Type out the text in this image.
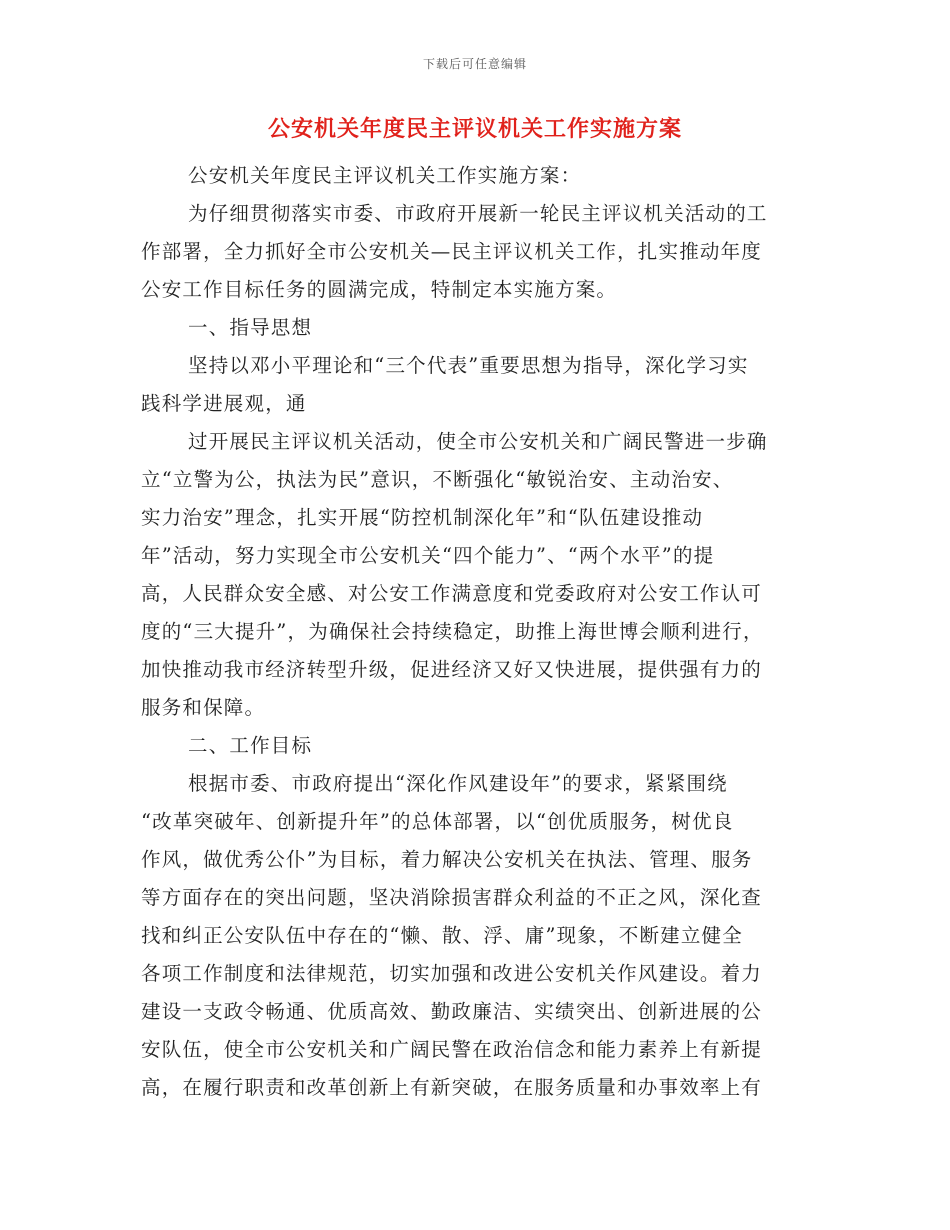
下载后可任意编辑
公安机关年度民主评议机关工作实施方案
公安机关年度民主评议机关工作实施方案：
为仔细贯彻落实市委、市政府开展新一轮民主评议机关活动的工
作部署，全力抓好全市公安机关—民主评议机关工作，扎实推动年度
公安工作目标任务的圆满完成，特制定本实施方案。
一、指导思想
坚持以邓小平理论和“三个代表”重要思想为指导，深化学习实
践科学进展观，通
过开展民主评议机关活动，使全市公安机关和广阔民警进一步确
立“立警为公，执法为民”意识，不断强化“敏锐治安、主动治安、
实力治安”理念，扎实开展“防控机制深化年”和“队伍建设推动
年”活动，努力实现全市公安机关“四个能力”、“两个水平”的提
高，人民群众安全感、对公安工作满意度和党委政府对公安工作认可
度的“三大提升”，为确保社会持续稳定，助推上海世博会顺利进行，
加快推动我市经济转型升级，促进经济又好又快进展，提供强有力的
服务和保障。
二、工作目标
根据市委、市政府提出“深化作风建设年”的要求，紧紧围绕
“改革突破年、创新提升年”的总体部署，以“创优质服务，树优良
作风，做优秀公仆”为目标，着力解决公安机关在执法、管理、服务
等方面存在的突出问题，坚决消除损害群众利益的不正之风，深化查
找和纠正公安队伍中存在的“懒、散、浮、庸”现象，不断建立健全
各项工作制度和法律规范，切实加强和改进公安机关作风建设。着力
建设一支政令畅通、优质高效、勤政廉洁、实绩突出、创新进展的公
安队伍，使全市公安机关和广阔民警在政治信念和能力素养上有新提
高，在履行职责和改革创新上有新突破，在服务质量和办事效率上有
